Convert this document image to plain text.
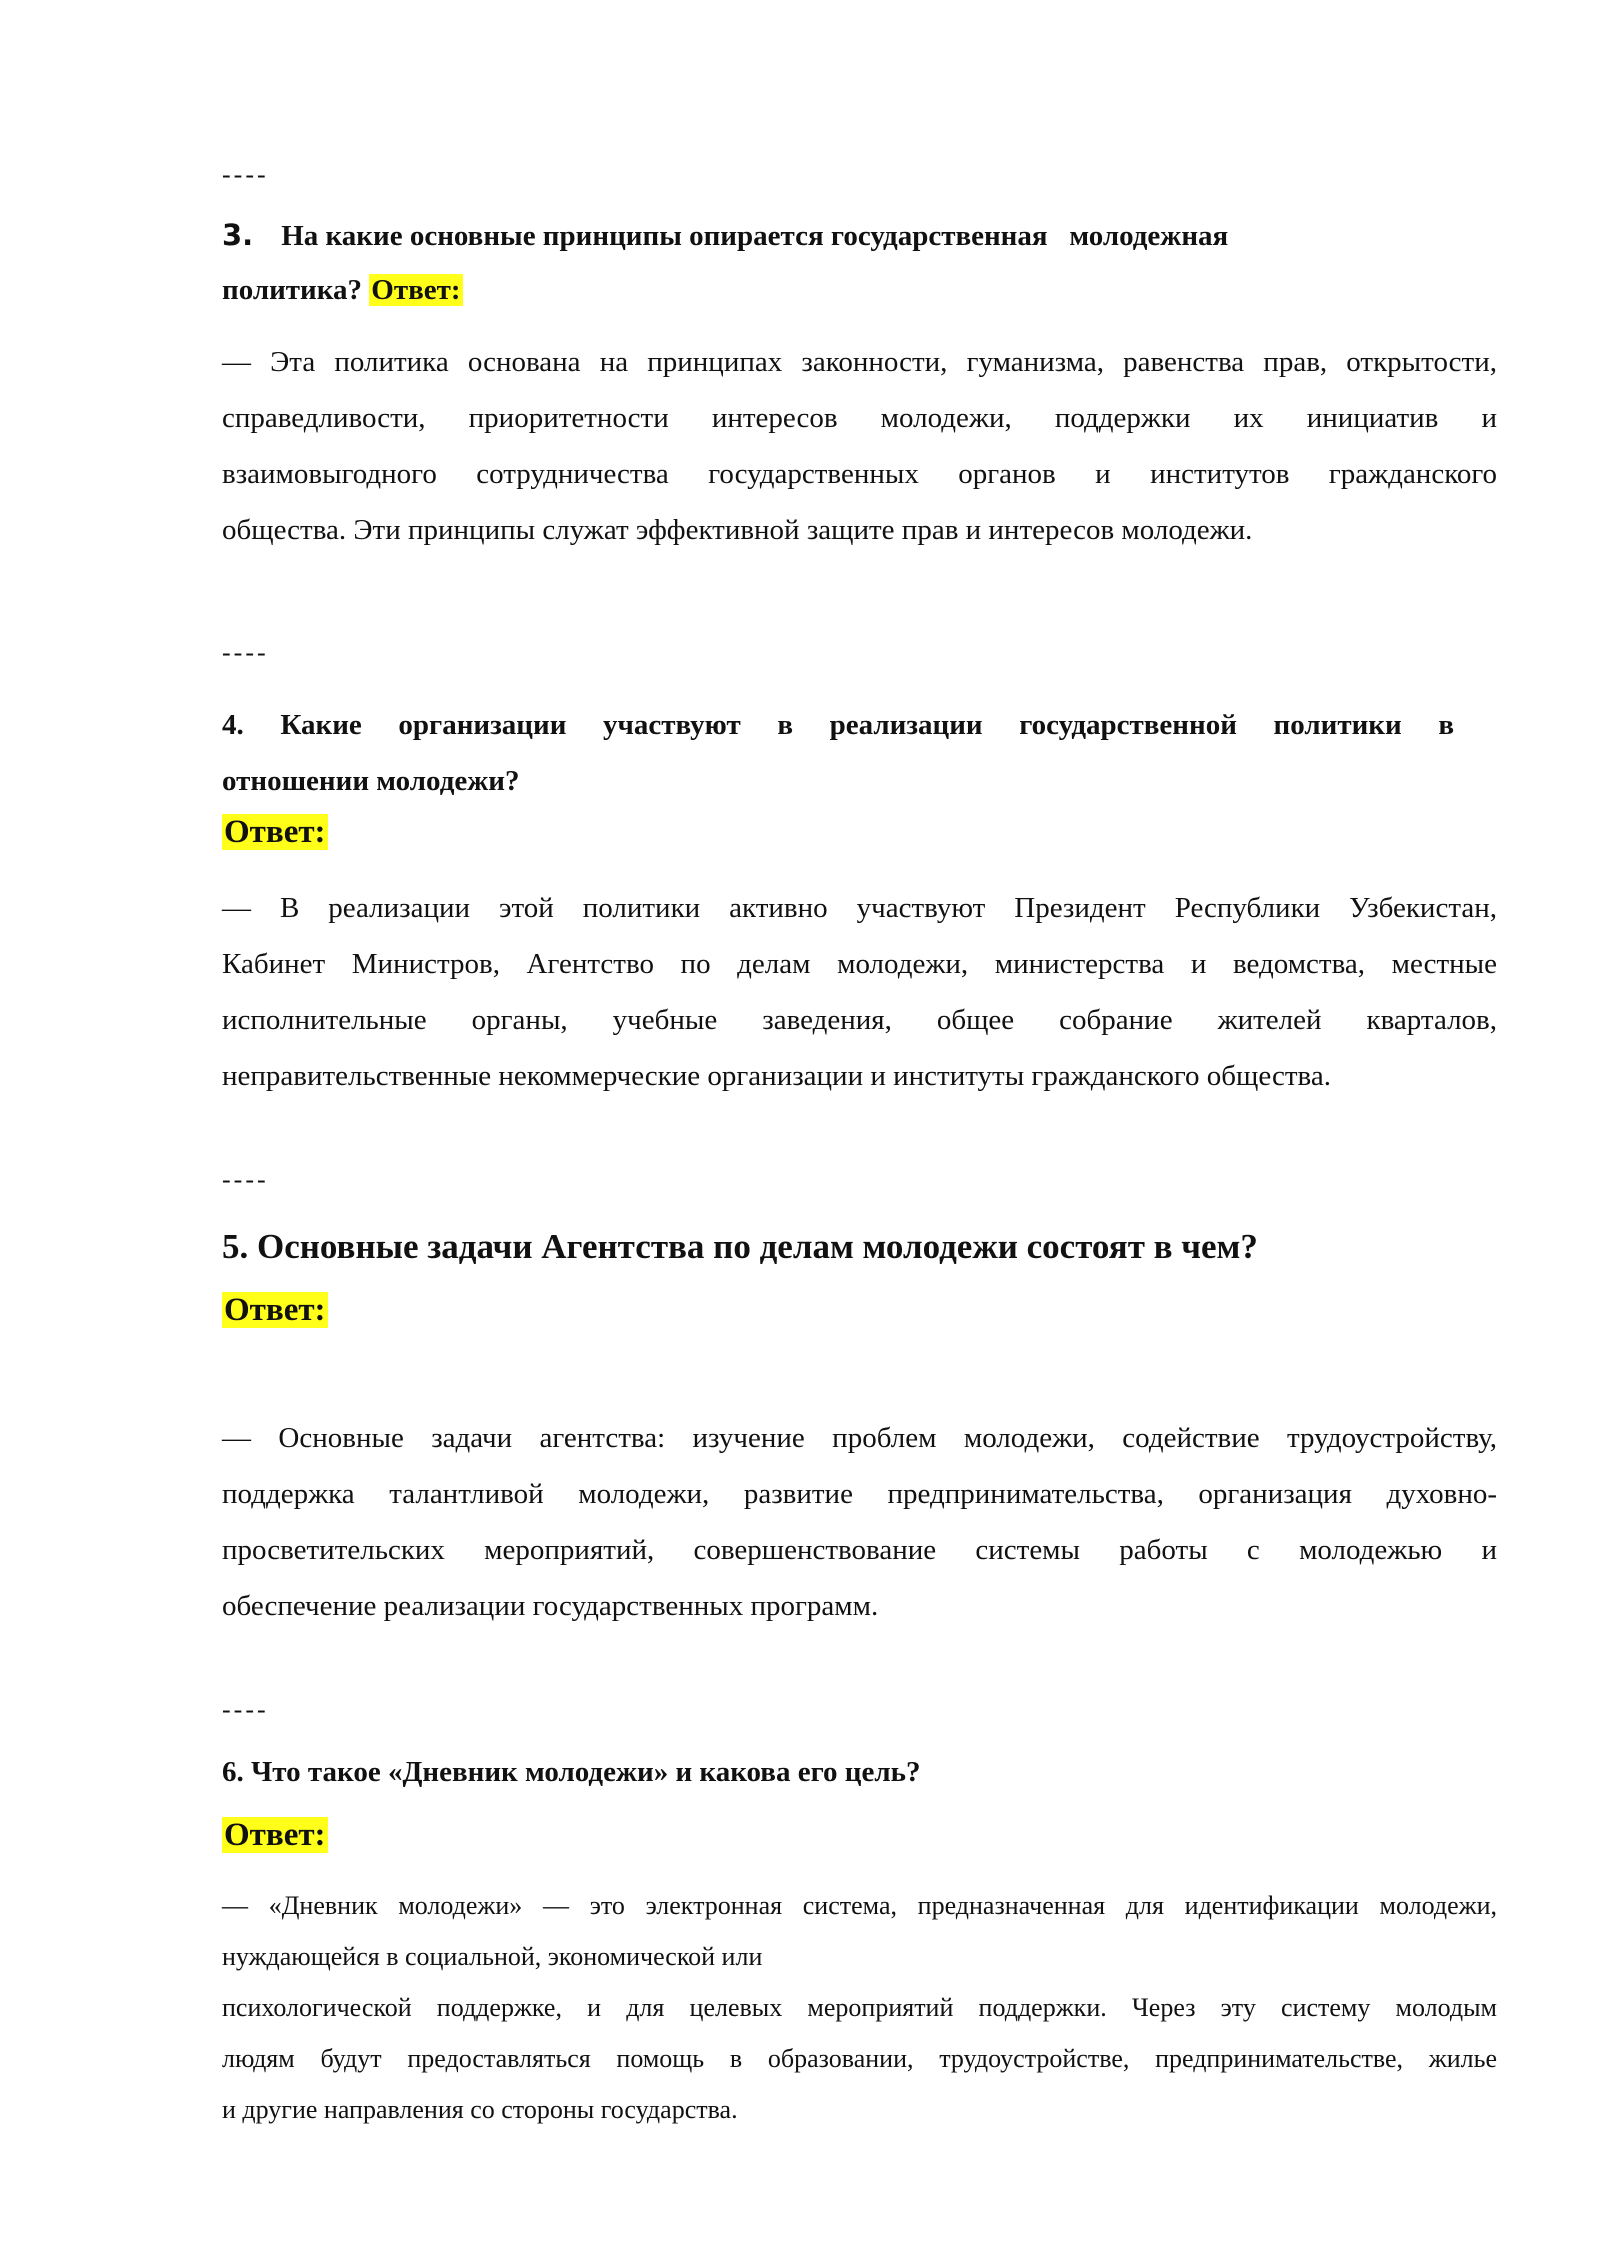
----
3. На какие основные принципы опирается государственная   молодежная
политика? Ответ:
— Эта политика основана на принципах законности, гуманизма, равенства прав, открытости,
справедливости, приоритетности интересов молодежи, поддержки их инициатив и
взаимовыгодного сотрудничества государственных органов и институтов гражданского
общества. Эти принципы служат эффективной защите прав и интересов молодежи.
----
4. Какие организации участвуют в реализации государственной политики в
отношении молодежи?
Ответ:
— В реализации этой политики активно участвуют Президент Республики Узбекистан,
Кабинет Министров, Агентство по делам молодежи, министерства и ведомства, местные
исполнительные органы, учебные заведения, общее собрание жителей кварталов,
неправительственные некоммерческие организации и институты гражданского общества.
----
5. Основные задачи Агентства по делам молодежи состоят в чем?
Ответ:
— Основные задачи агентства: изучение проблем молодежи, содействие трудоустройству,
поддержка талантливой молодежи, развитие предпринимательства, организация духовно-
просветительских мероприятий, совершенствование системы работы с молодежью и
обеспечение реализации государственных программ.
----
6. Что такое «Дневник молодежи» и какова его цель?
Ответ:
— «Дневник молодежи» — это электронная система, предназначенная для идентификации молодежи,
нуждающейся в социальной, экономической или
психологической поддержке, и для целевых мероприятий поддержки. Через эту систему молодым
людям будут предоставляться помощь в образовании, трудоустройстве, предпринимательстве, жилье
и другие направления со стороны государства.
